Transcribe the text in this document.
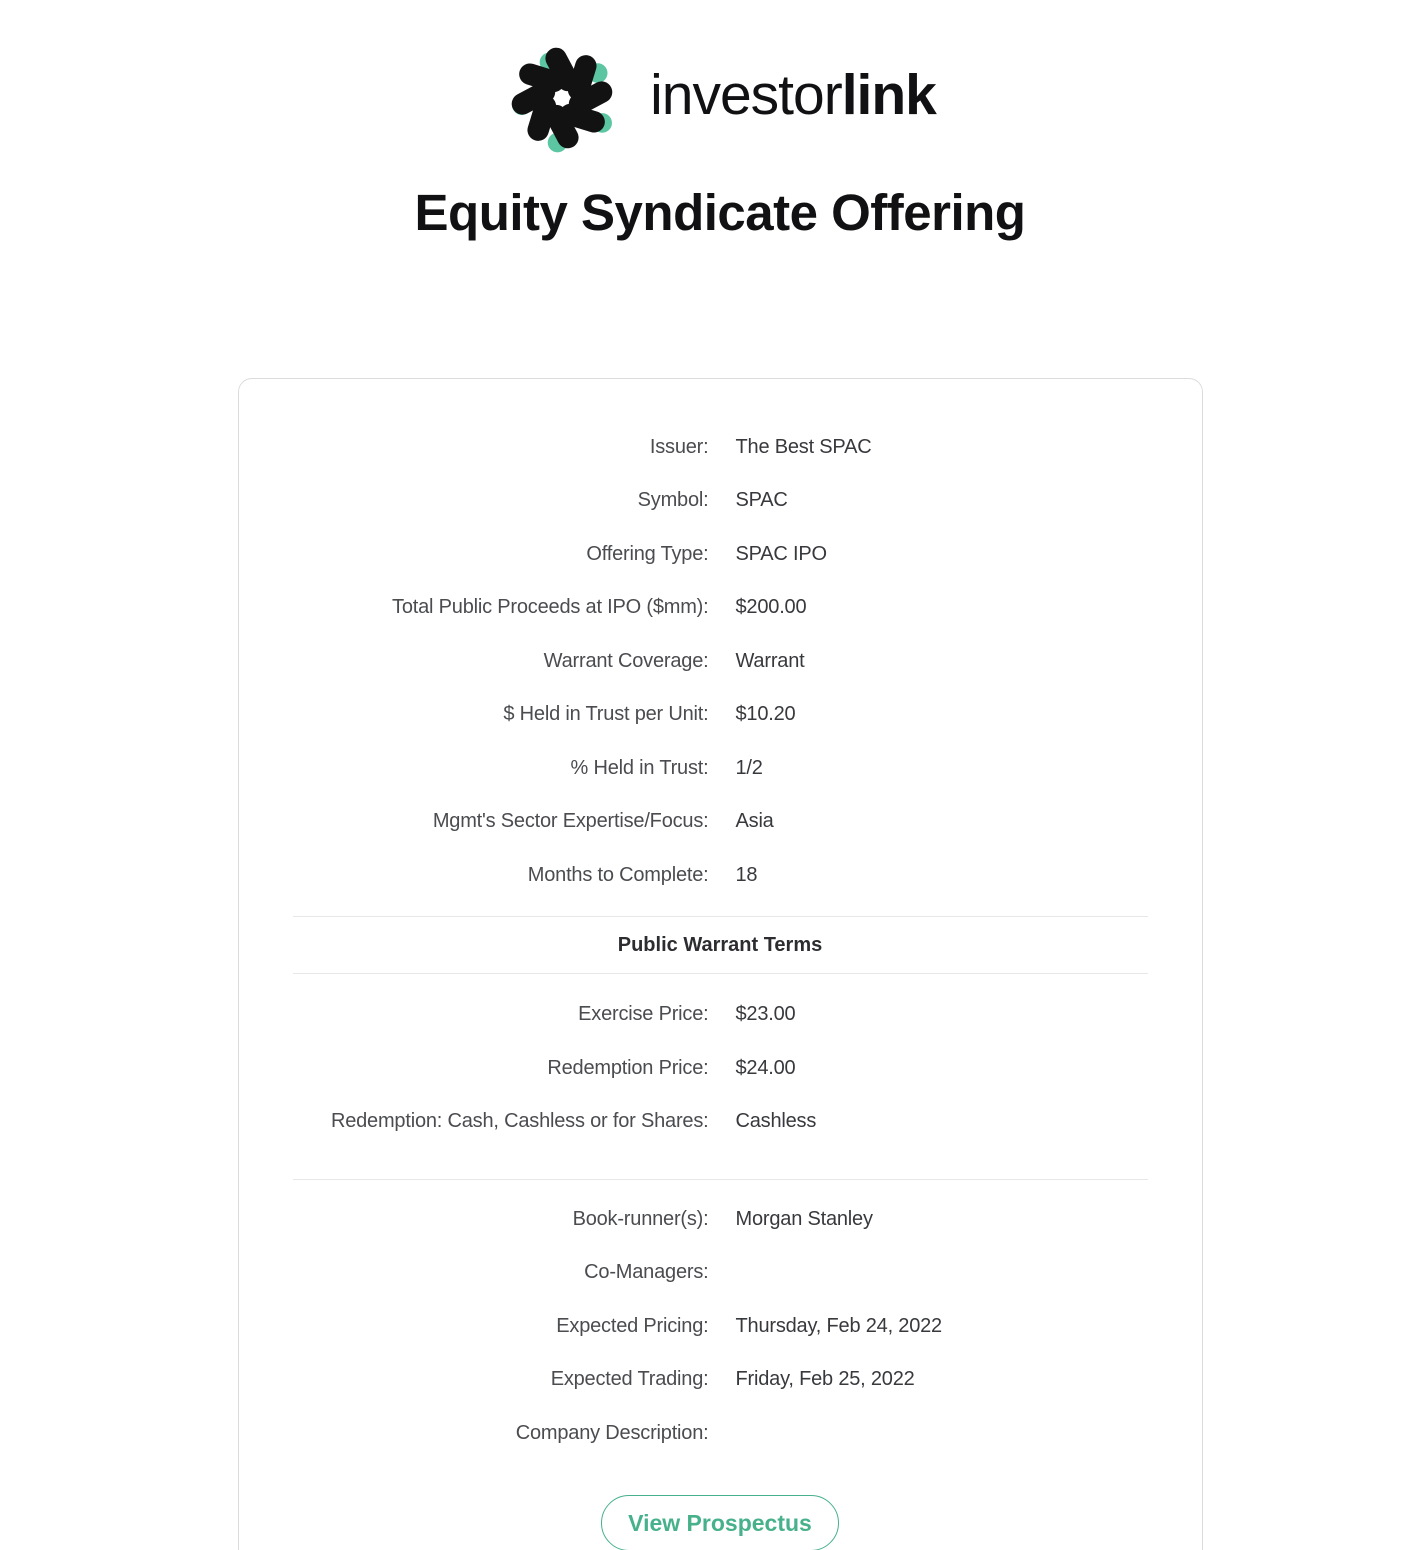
investorlink
Equity Syndicate Offering
Issuer: The Best SPAC
Symbol: SPAC
Offering Type: SPAC IPO
Total Public Proceeds at IPO ($mm): $200.00
Warrant Coverage: Warrant
$ Held in Trust per Unit: $10.20
% Held in Trust: 1/2
Mgmt's Sector Expertise/Focus: Asia
Months to Complete: 18
Public Warrant Terms
Exercise Price: $23.00
Redemption Price: $24.00
Redemption: Cash, Cashless or for Shares: Cashless
Book-runner(s): Morgan Stanley
Co-Managers:
Expected Pricing: Thursday, Feb 24, 2022
Expected Trading: Friday, Feb 25, 2022
Company Description:
View Prospectus
